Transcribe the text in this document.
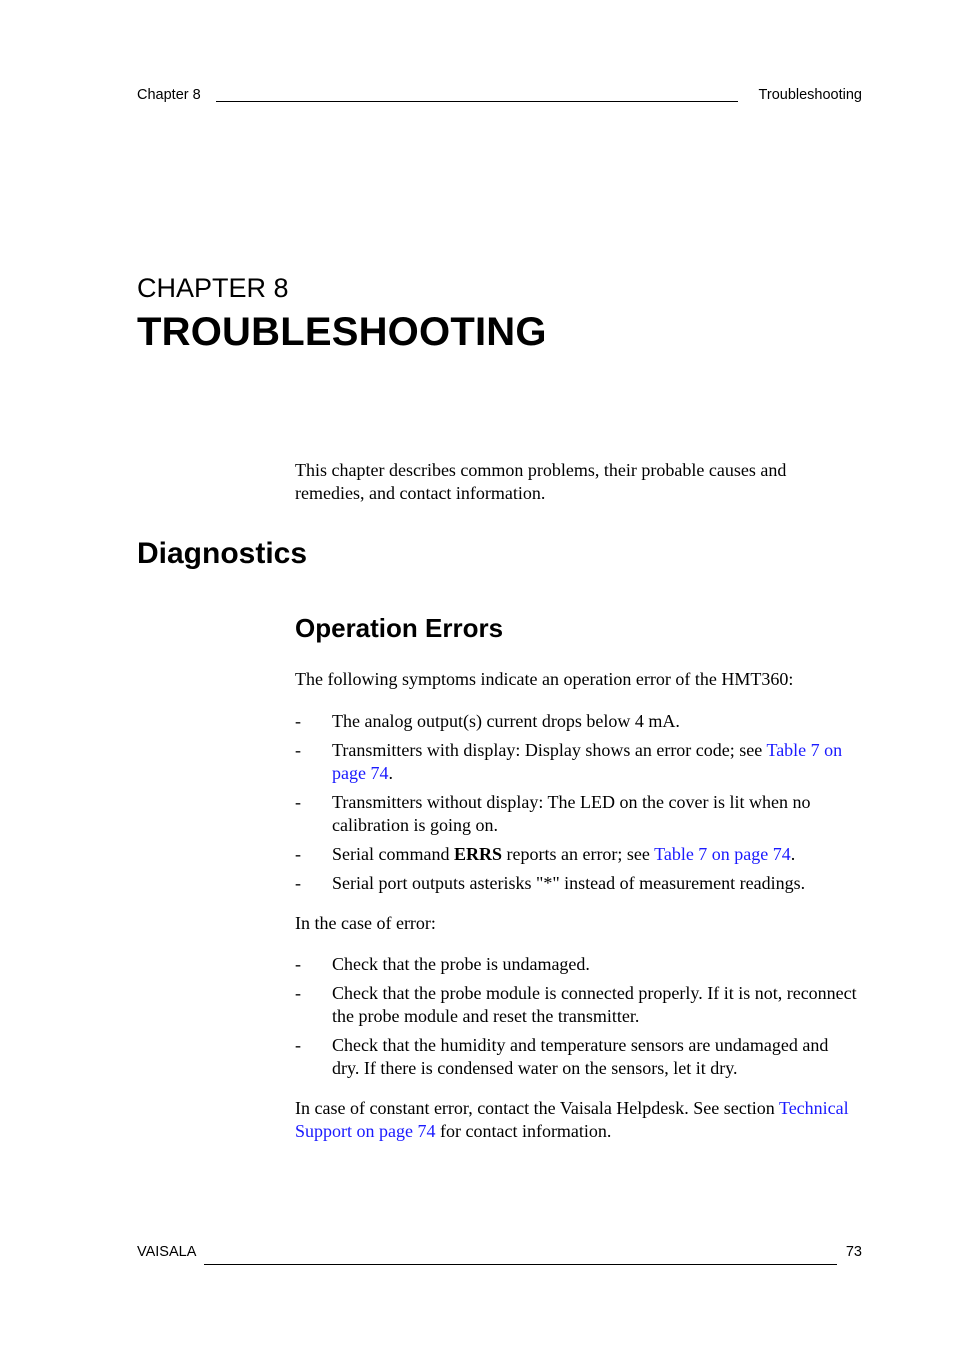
Chapter 8	Troubleshooting
CHAPTER 8
TROUBLESHOOTING
This chapter describes common problems, their probable causes and remedies, and contact information.
Diagnostics
Operation Errors
The following symptoms indicate an operation error of the HMT360:
- The analog output(s) current drops below 4 mA.
- Transmitters with display: Display shows an error code; see Table 7 on page 74.
- Transmitters without display: The LED on the cover is lit when no calibration is going on.
- Serial command ERRS reports an error; see Table 7 on page 74.
- Serial port outputs asterisks "*" instead of measurement readings.
In the case of error:
- Check that the probe is undamaged.
- Check that the probe module is connected properly. If it is not, reconnect the probe module and reset the transmitter.
- Check that the humidity and temperature sensors are undamaged and dry. If there is condensed water on the sensors, let it dry.
In case of constant error, contact the Vaisala Helpdesk. See section Technical Support on page 74 for contact information.
VAISALA	73
